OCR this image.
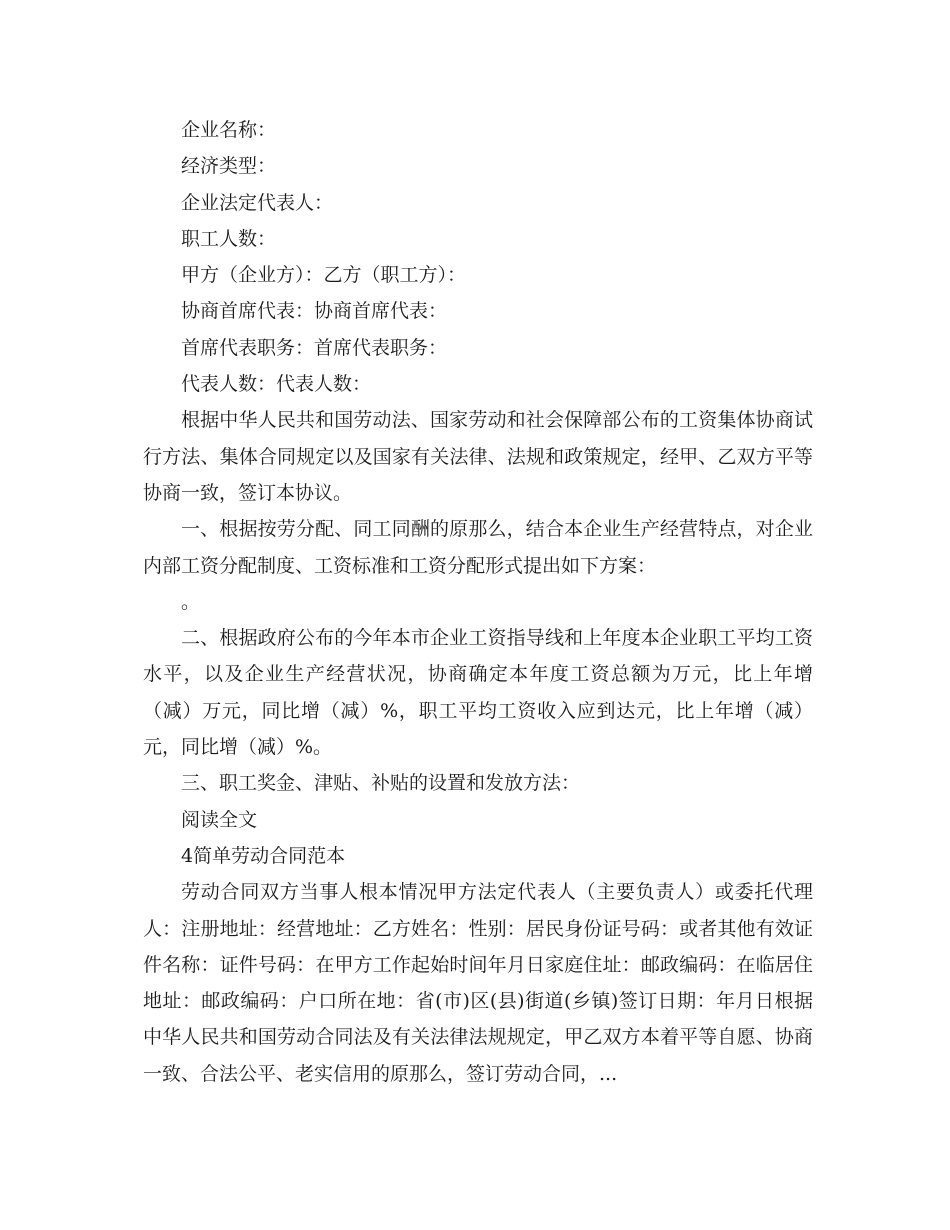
企业名称：

经济类型：

企业法定代表人：

职工人数：

甲方（企业方）：乙方（职工方）：

协商首席代表：协商首席代表：

首席代表职务：首席代表职务：

代表人数：代表人数：

根据中华人民共和国劳动法、国家劳动和社会保障部公布的工资集体协商试行方法、集体合同规定以及国家有关法律、法规和政策规定，经甲、乙双方平等协商一致，签订本协议。

一、根据按劳分配、同工同酬的原那么，结合本企业生产经营特点，对企业内部工资分配制度、工资标准和工资分配形式提出如下方案：

。

二、根据政府公布的今年本市企业工资指导线和上年度本企业职工平均工资水平，以及企业生产经营状况，协商确定本年度工资总额为万元，比上年增（减）万元，同比增（减）%，职工平均工资收入应到达元，比上年增（减）元，同比增（减）%。

三、职工奖金、津贴、补贴的设置和发放方法：

阅读全文

4简单劳动合同范本

劳动合同双方当事人根本情况甲方法定代表人（主要负责人）或委托代理人：注册地址：经营地址：乙方姓名：性别：居民身份证号码：或者其他有效证件名称：证件号码：在甲方工作起始时间年月日家庭住址：邮政编码：在临居住地址：邮政编码：户口所在地：省(市)区(县)街道(乡镇)签订日期：年月日根据中华人民共和国劳动合同法及有关法律法规规定，甲乙双方本着平等自愿、协商一致、合法公平、老实信用的原那么，签订劳动合同，...
